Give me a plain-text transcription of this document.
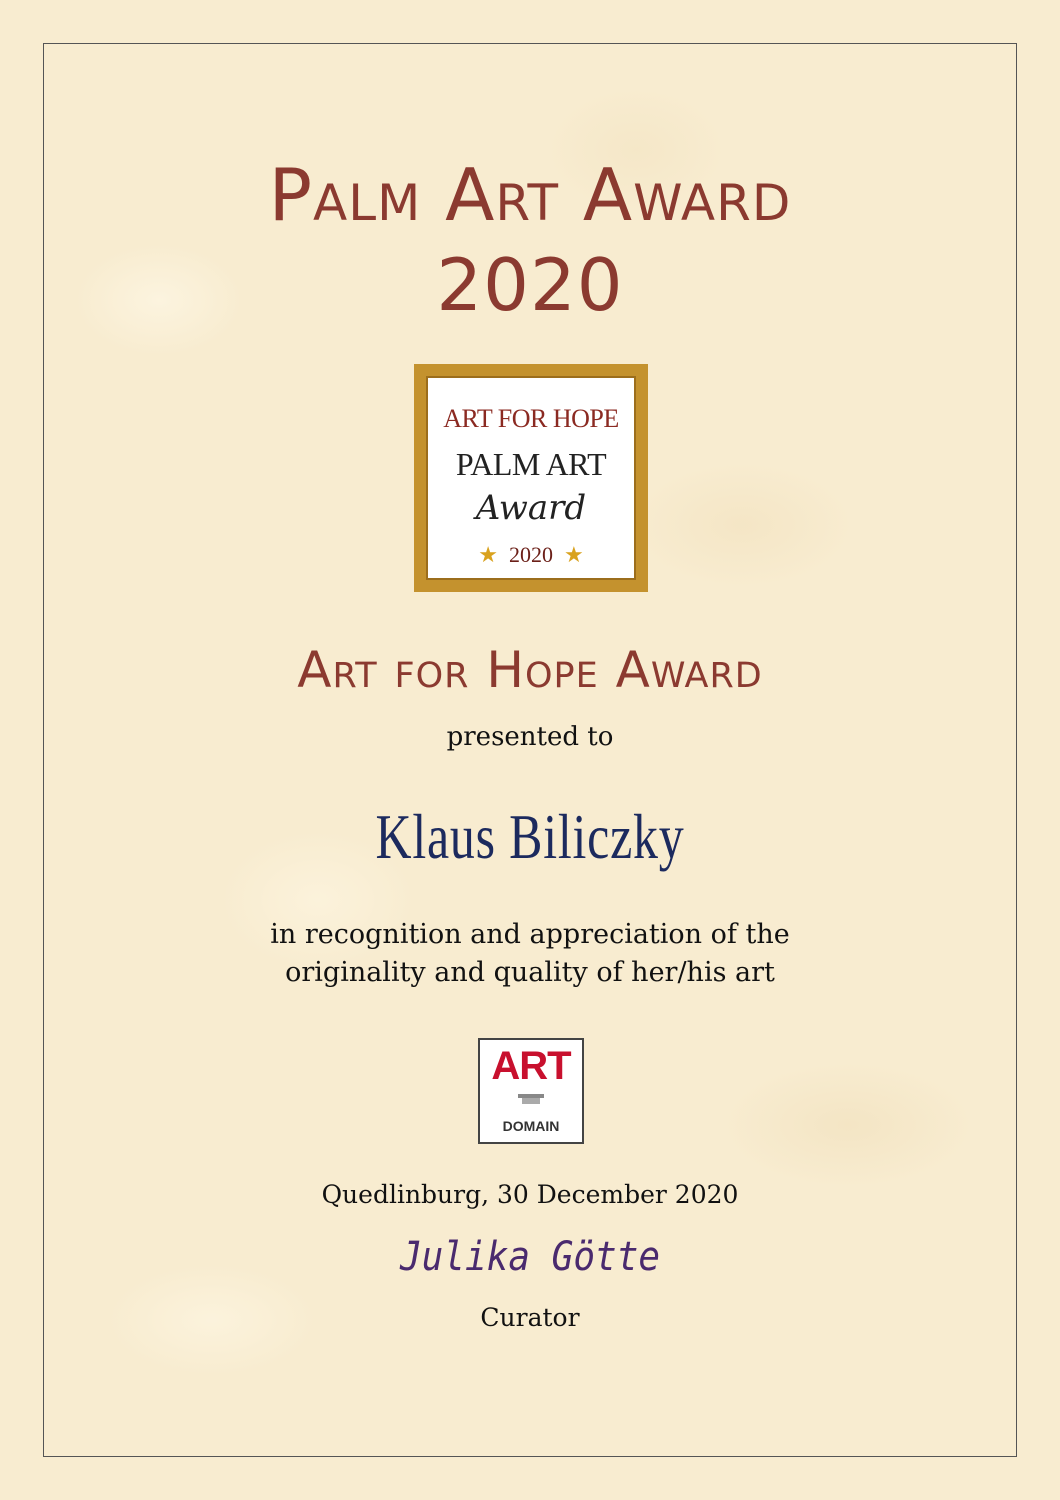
Palm Art Award
2020
ART FOR HOPE
PALM ART
Award
★ 2020 ★
Art for Hope Award
presented to
Klaus Biliczky
in recognition and appreciation of the
originality and quality of her/his art
ART
DOMAIN
Quedlinburg, 30 December 2020
Julika Götte
Curator
